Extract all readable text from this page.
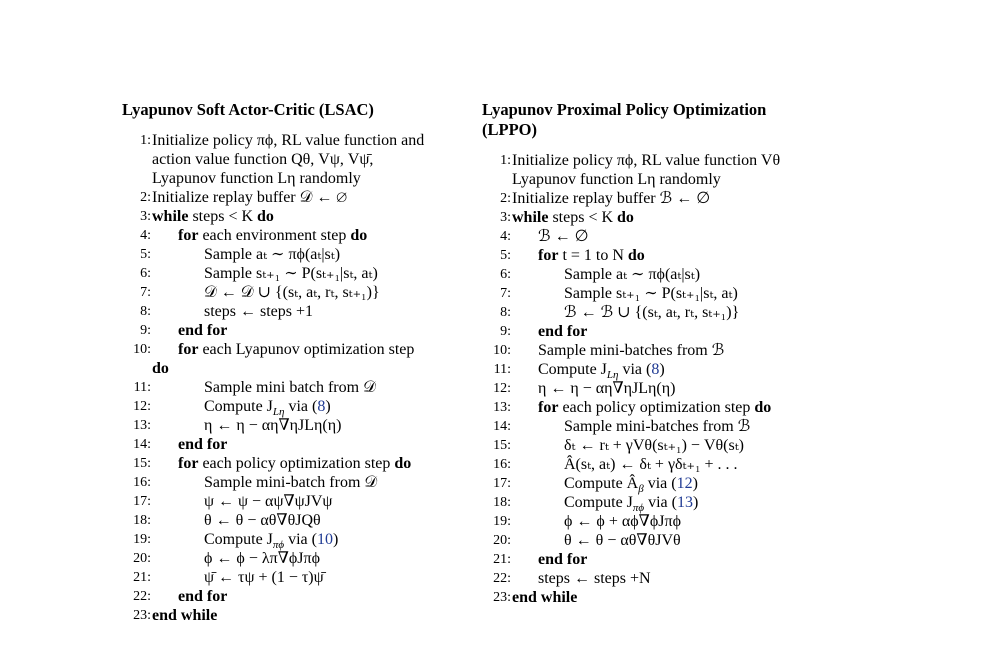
Lyapunov Soft Actor-Critic (LSAC)
1: Initialize policy πϕ, RL value function and
action value function Qθ, Vψ, Vψ̄,
Lyapunov function Lη randomly
2: Initialize replay buffer 𝒟 ← ∅
3: while steps < K do
4: for each environment step do
5:	Sample aₜ ∼ πϕ(aₜ|sₜ)
6:	Sample sₜ₊₁ ∼ P(sₜ₊₁|sₜ, aₜ)
7:	𝒟 ← 𝒟 ∪ {(sₜ, aₜ, rₜ, sₜ₊₁)}
8:	steps ← steps +1
9: end for
10: for each Lyapunov optimization step
do
11:	Sample mini batch from 𝒟
12:	Compute $J_{L\eta}$ via (8)
13:	η ← η − αη∇ηJLη(η)
14: end for
15: for each policy optimization step do
16:	Sample mini-batch from 𝒟
17:	ψ ← ψ − αψ∇ψJVψ
18:	θ ← θ − αθ∇θJQθ
19:	Compute $J_{\pi\phi}$ via (10)
20:	ϕ ← ϕ − λπ∇ϕJπϕ
21:	ψ̄ ← τψ + (1 − τ)ψ̄
22: end for
23: end while
Lyapunov Proximal Policy Optimization
(LPPO)
1: Initialize policy πϕ, RL value function Vθ
Lyapunov function Lη randomly
2: Initialize replay buffer ℬ ← ∅
3: while steps < K do
4: ℬ ← ∅
5: for t = 1 to N do
6:	Sample aₜ ∼ πϕ(aₜ|sₜ)
7:	Sample sₜ₊₁ ∼ P(sₜ₊₁|sₜ, aₜ)
8:	ℬ ← ℬ ∪ {(sₜ, aₜ, rₜ, sₜ₊₁)}
9: end for
10: Sample mini-batches from ℬ
11: Compute $J_{L\eta}$ via (8)
12: η ← η − αη∇ηJLη(η)
13: for each policy optimization step do
14:	Sample mini-batches from ℬ
15:	δₜ ← rₜ + γVθ(sₜ₊₁) − Vθ(sₜ)
16:	Â(sₜ, aₜ) ← δₜ + γδₜ₊₁ + . . .
17:	Compute $Â_\beta$ via (12)
18:	Compute $J_{\pi\phi}$ via (13)
19:	ϕ ← ϕ + αϕ∇ϕJπϕ
20:	θ ← θ − αθ∇θJVθ
21: end for
22: steps ← steps +N
23: end while
